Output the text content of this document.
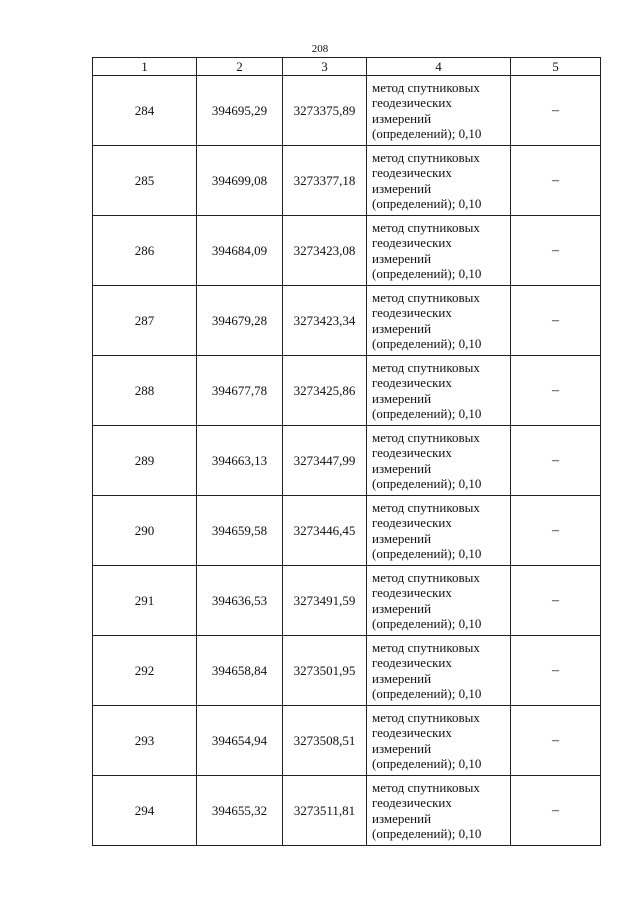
208
1	2	3	4	5
284	394695,29	3273375,89	метод спутниковых
геодезических
измерений
(определений); 0,10	–
285	394699,08	3273377,18	метод спутниковых
геодезических
измерений
(определений); 0,10	–
286	394684,09	3273423,08	метод спутниковых
геодезических
измерений
(определений); 0,10	–
287	394679,28	3273423,34	метод спутниковых
геодезических
измерений
(определений); 0,10	–
288	394677,78	3273425,86	метод спутниковых
геодезических
измерений
(определений); 0,10	–
289	394663,13	3273447,99	метод спутниковых
геодезических
измерений
(определений); 0,10	–
290	394659,58	3273446,45	метод спутниковых
геодезических
измерений
(определений); 0,10	–
291	394636,53	3273491,59	метод спутниковых
геодезических
измерений
(определений); 0,10	–
292	394658,84	3273501,95	метод спутниковых
геодезических
измерений
(определений); 0,10	–
293	394654,94	3273508,51	метод спутниковых
геодезических
измерений
(определений); 0,10	–
294	394655,32	3273511,81	метод спутниковых
геодезических
измерений
(определений); 0,10	–
